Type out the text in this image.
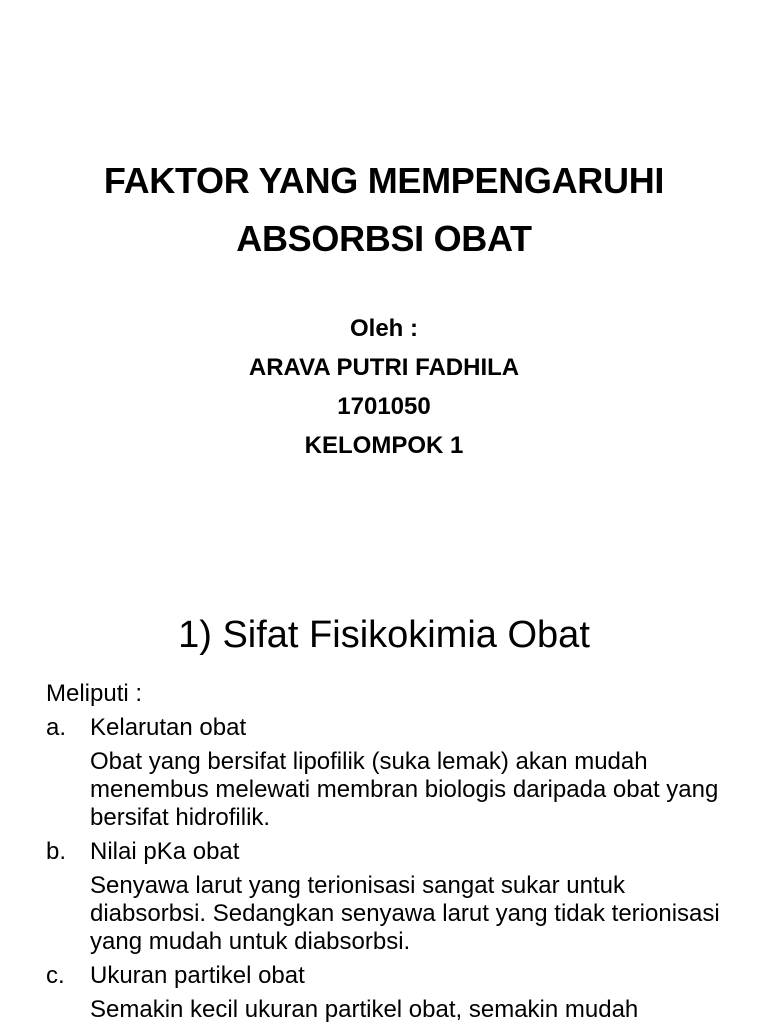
FAKTOR YANG MEMPENGARUHI
ABSORBSI OBAT
Oleh :
ARAVA PUTRI FADHILA
1701050
KELOMPOK 1
1) Sifat Fisikokimia Obat
Meliputi :
a. Kelarutan obat
Obat yang bersifat lipofilik (suka lemak) akan mudah menembus melewati membran biologis daripada obat yang bersifat hidrofilik.
b. Nilai pKa obat
Senyawa larut yang terionisasi sangat sukar untuk diabsorbsi. Sedangkan senyawa larut yang tidak terionisasi yang mudah untuk diabsorbsi.
c.	Ukuran partikel obat
Semakin kecil ukuran partikel obat, semakin mudah
